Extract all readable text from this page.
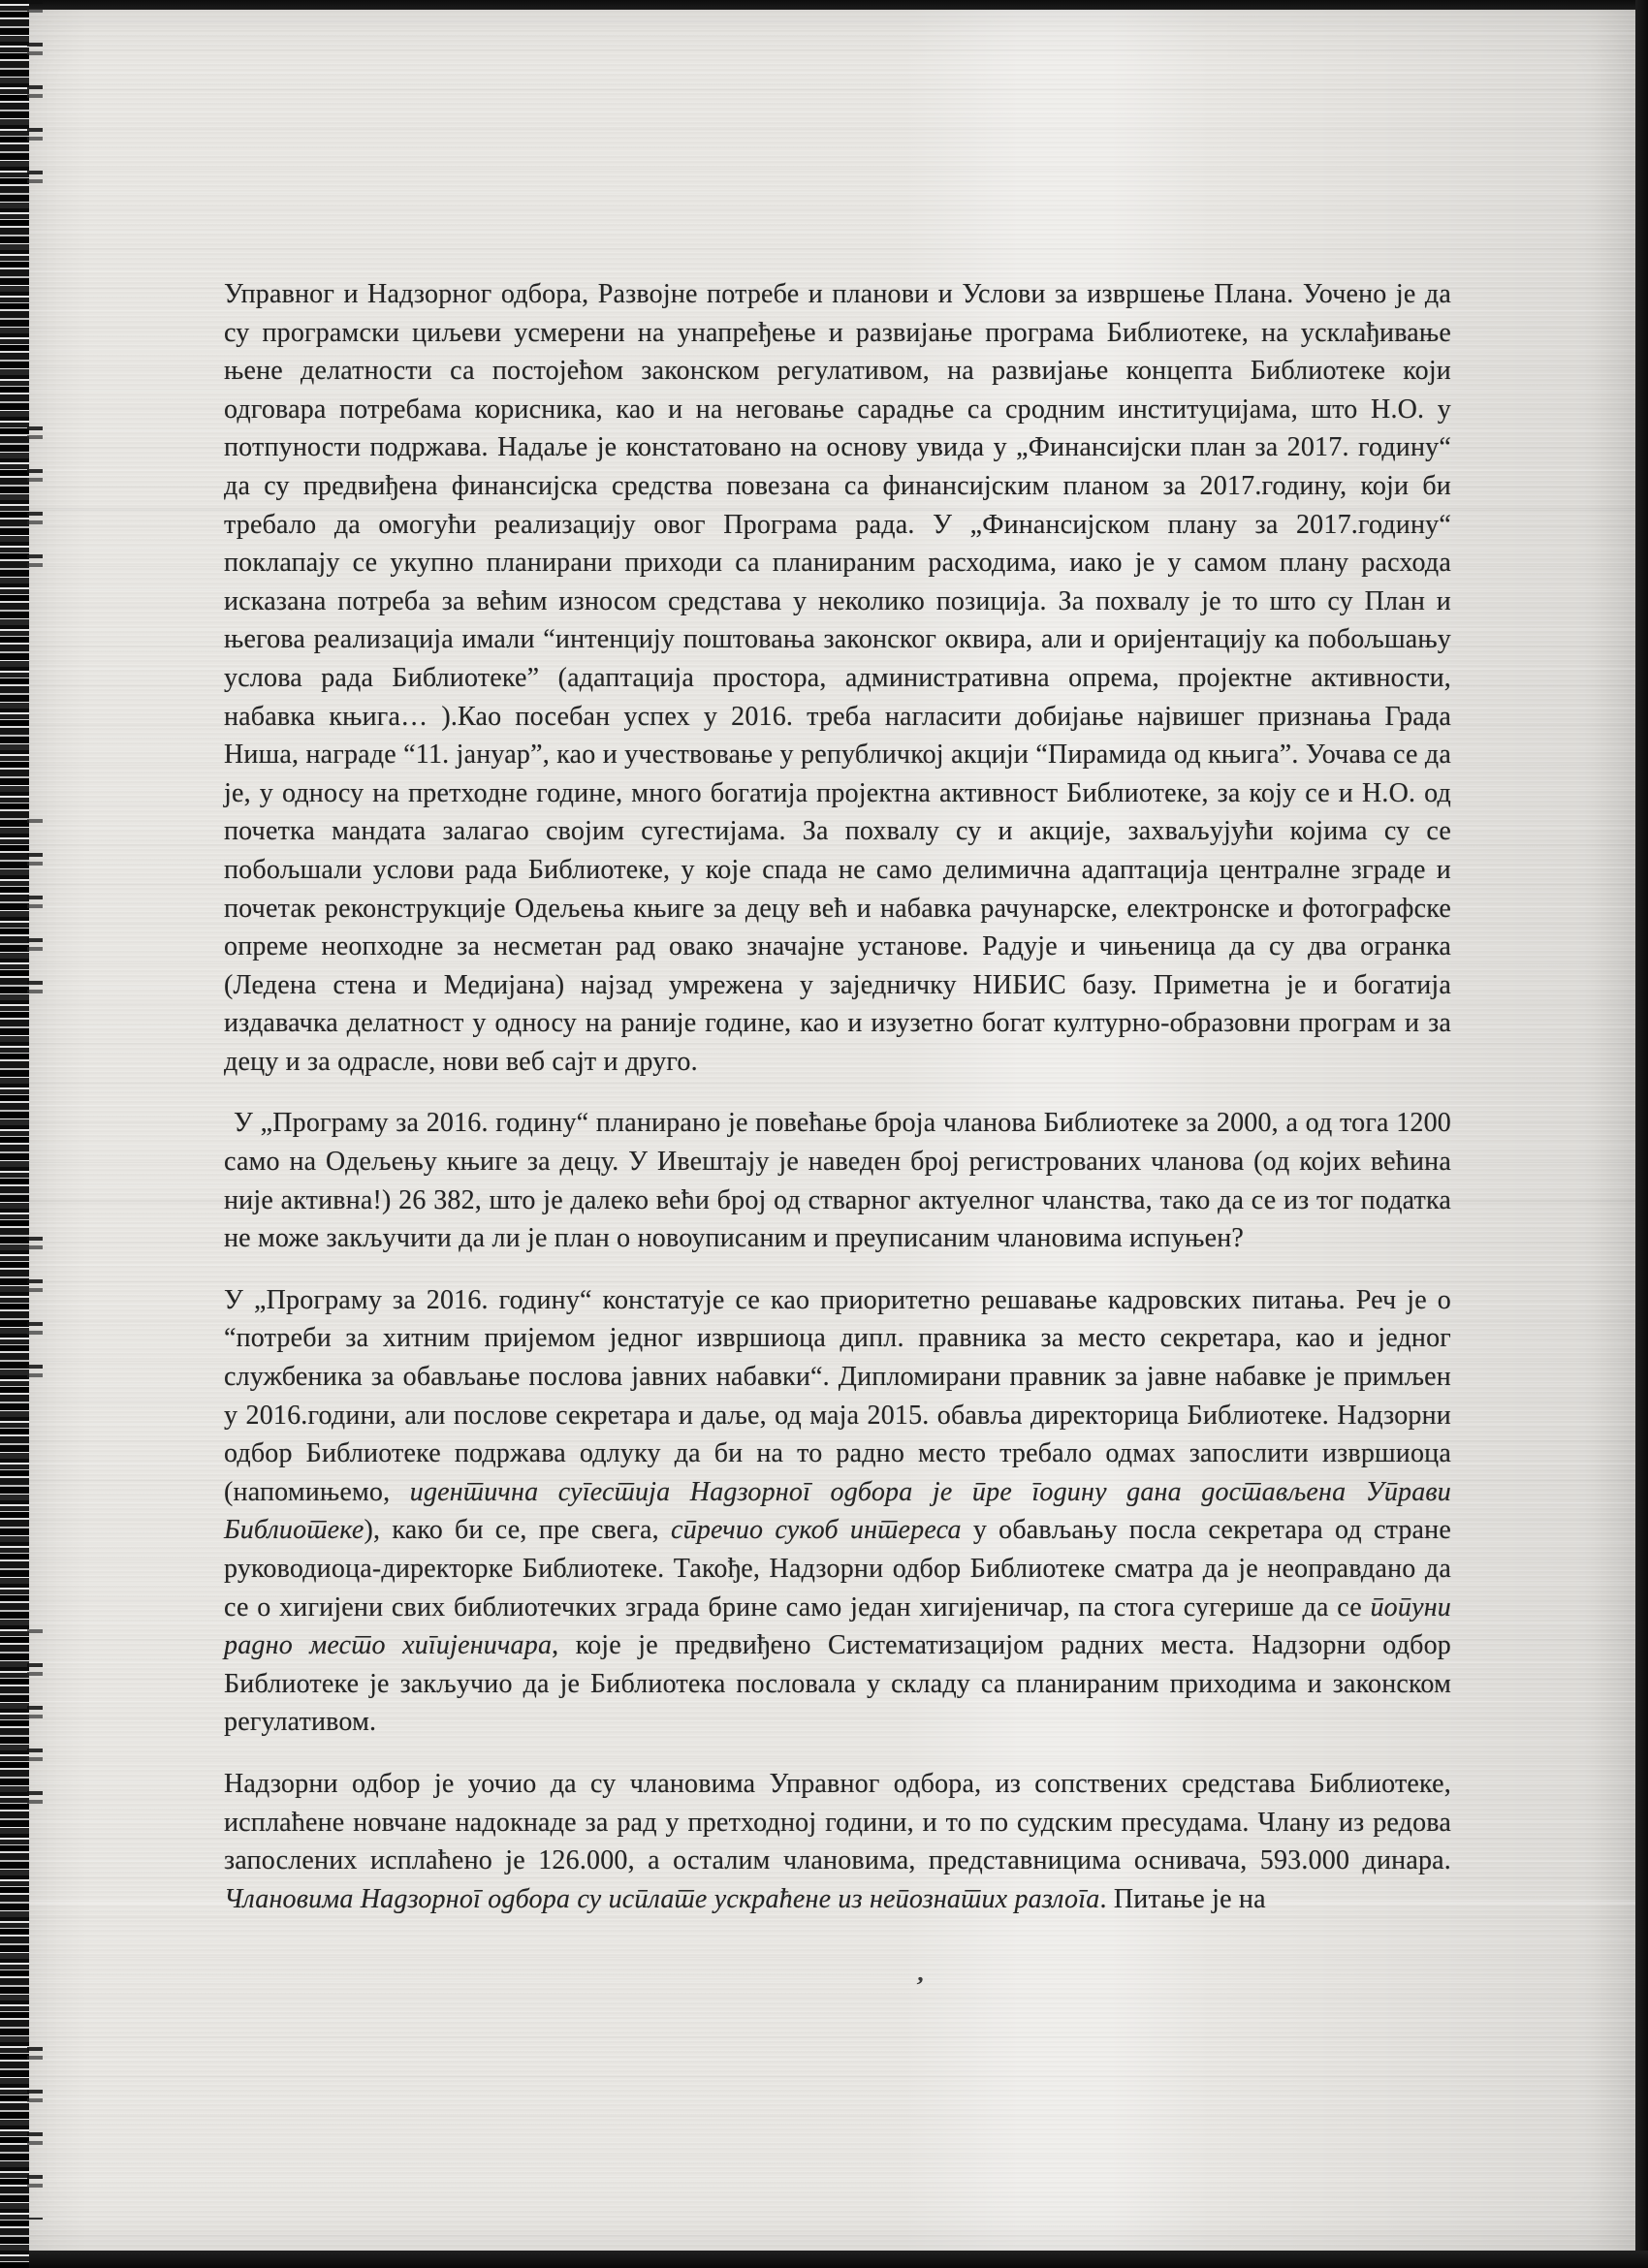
Управног и Надзорног одбора, Развојне потребе и планови и Услови за извршење Плана. Уочено је да су програмски циљеви усмерени на унапређење и развијање програма Библиотеке, на усклађивање њене делатности са постојећом законском регулативом, на развијање концепта Библиотеке који одговара потребама корисника, као и на неговање сарадње са сродним институцијама, што Н.О. у потпуности подржава. Надаље је констатовано на основу увида у „Финансијски план за 2017. годину“ да су предвиђена финансијска средства повезана са финансијским планом за 2017.годину, који би требало да омогући реализацију овог Програма рада. У „Финансијском плану за 2017.годину“ поклапају се укупно планирани приходи са планираним расходима, иако је у самом плану расхода исказана потреба за већим износом средстава у неколико позиција. За похвалу је то што су План и његова реализација имали “интенцију поштовања законског оквира, али и оријентацију ка побољшању услова рада Библиотеке” (адаптација простора, административна опрема, пројектне активности, набавка књига… ).Као посебан успех у 2016. треба нагласити добијање највишег признања Града Ниша, награде “11. јануар”, као и учествовање у републичкој акцији “Пирамида од књига”. Уочава се да је, у односу на претходне године, много богатија пројектна активност Библиотеке, за коју се и Н.О. од почетка мандата залагао својим сугестијама. За похвалу су и акције, захваљујући којима су се побољшали услови рада Библиотеке, у које спада не само делимична адаптација централне зграде и почетак реконструкције Одељења књиге за децу већ и набавка рачунарске, електронске и фотографске опреме неопходне за несметан рад овако значајне установе. Радује и чињеница да су два огранка (Ледена стена и Медијана) најзад умрежена у заједничку НИБИС базу. Приметна је и богатија издавачка делатност у односу на раније године, као и изузетно богат културно-образовни програм и за децу и за одрасле, нови веб сајт и друго.

У „Програму за 2016. годину“ планирано је повећање броја чланова Библиотеке за 2000, а од тога 1200 само на Одељењу књиге за децу. У Ивештају је наведен број регистрованих чланова (од којих већина није активна!) 26 382, што је далеко већи број од стварног актуелног чланства, тако да се из тог податка не може закључити да ли је план о новоуписаним и преуписаним члановима испуњен?

У „Програму за 2016. годину“ констатује се као приоритетно решавање кадровских питања. Реч је о “потреби за хитним пријемом једног извршиоца дипл. правника за место секретара, као и једног службеника за обављање послова јавних набавки“. Дипломирани правник за јавне набавке је примљен у 2016.години, али послове секретара и даље, од маја 2015. обавља директорица Библиотеке. Надзорни одбор Библиотеке подржава одлуку да би на то радно место требало одмах запослити извршиоца (напомињемо, идентична сугестија Надзорног одбора је пре годину дана достављена Управи Библиотеке), како би се, пре свега, спречио сукоб интереса у обављању посла секретара од стране руководиоца-директорке Библиотеке. Такође, Надзорни одбор Библиотеке сматра да је неоправдано да се о хигијени свих библиотечких зграда брине само један хигијеничар, па стога сугерише да се попуни радно место хигијеничара, које је предвиђено Систематизацијом радних места. Надзорни одбор Библиотеке је закључио да је Библиотека пословала у складу са планираним приходима и законском регулативом.

Надзорни одбор је уочио да су члановима Управног одбора, из сопствених средстава Библиотеке, исплаћене новчане надокнаде за рад у претходној години, и то по судским пресудама. Члану из редова запослених исплаћено је 126.000, а осталим члановима, представницима оснивача, 593.000 динара. Члановима Надзорног одбора су исплате ускраћене из непознатих разлога. Питање је на

’
